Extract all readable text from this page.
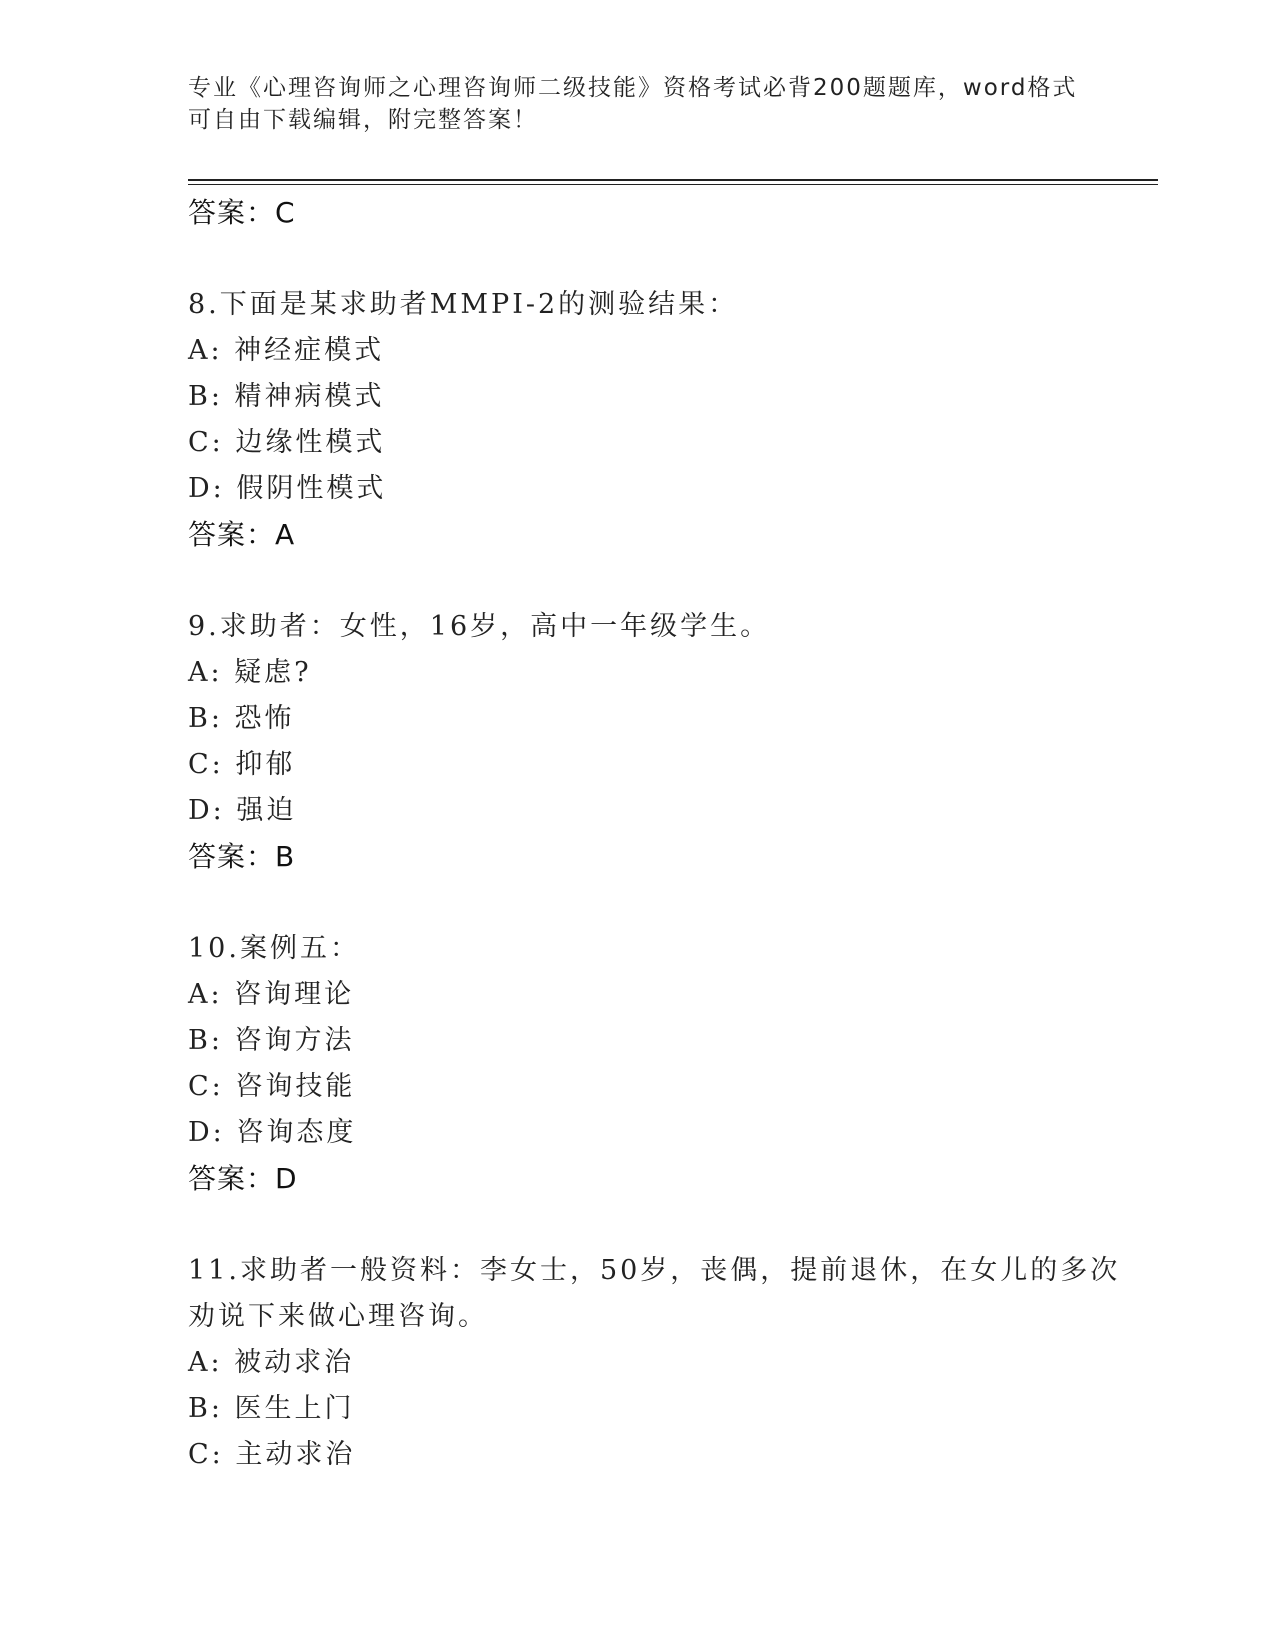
专业《心理咨询师之心理咨询师二级技能》资格考试必背200题题库，word格式
可自由下载编辑，附完整答案！
答案：C
8.下面是某求助者MMPI-2的测验结果：
A: 神经症模式
B: 精神病模式
C: 边缘性模式
D: 假阴性模式
答案：A
9.求助者：女性，16岁，高中一年级学生。
A: 疑虑?
B: 恐怖
C: 抑郁
D: 强迫
答案：B
10.案例五：
A: 咨询理论
B: 咨询方法
C: 咨询技能
D: 咨询态度
答案：D
11.求助者一般资料：李女士，50岁，丧偶，提前退休，在女儿的多次
劝说下来做心理咨询。
A: 被动求治
B: 医生上门
C: 主动求治
